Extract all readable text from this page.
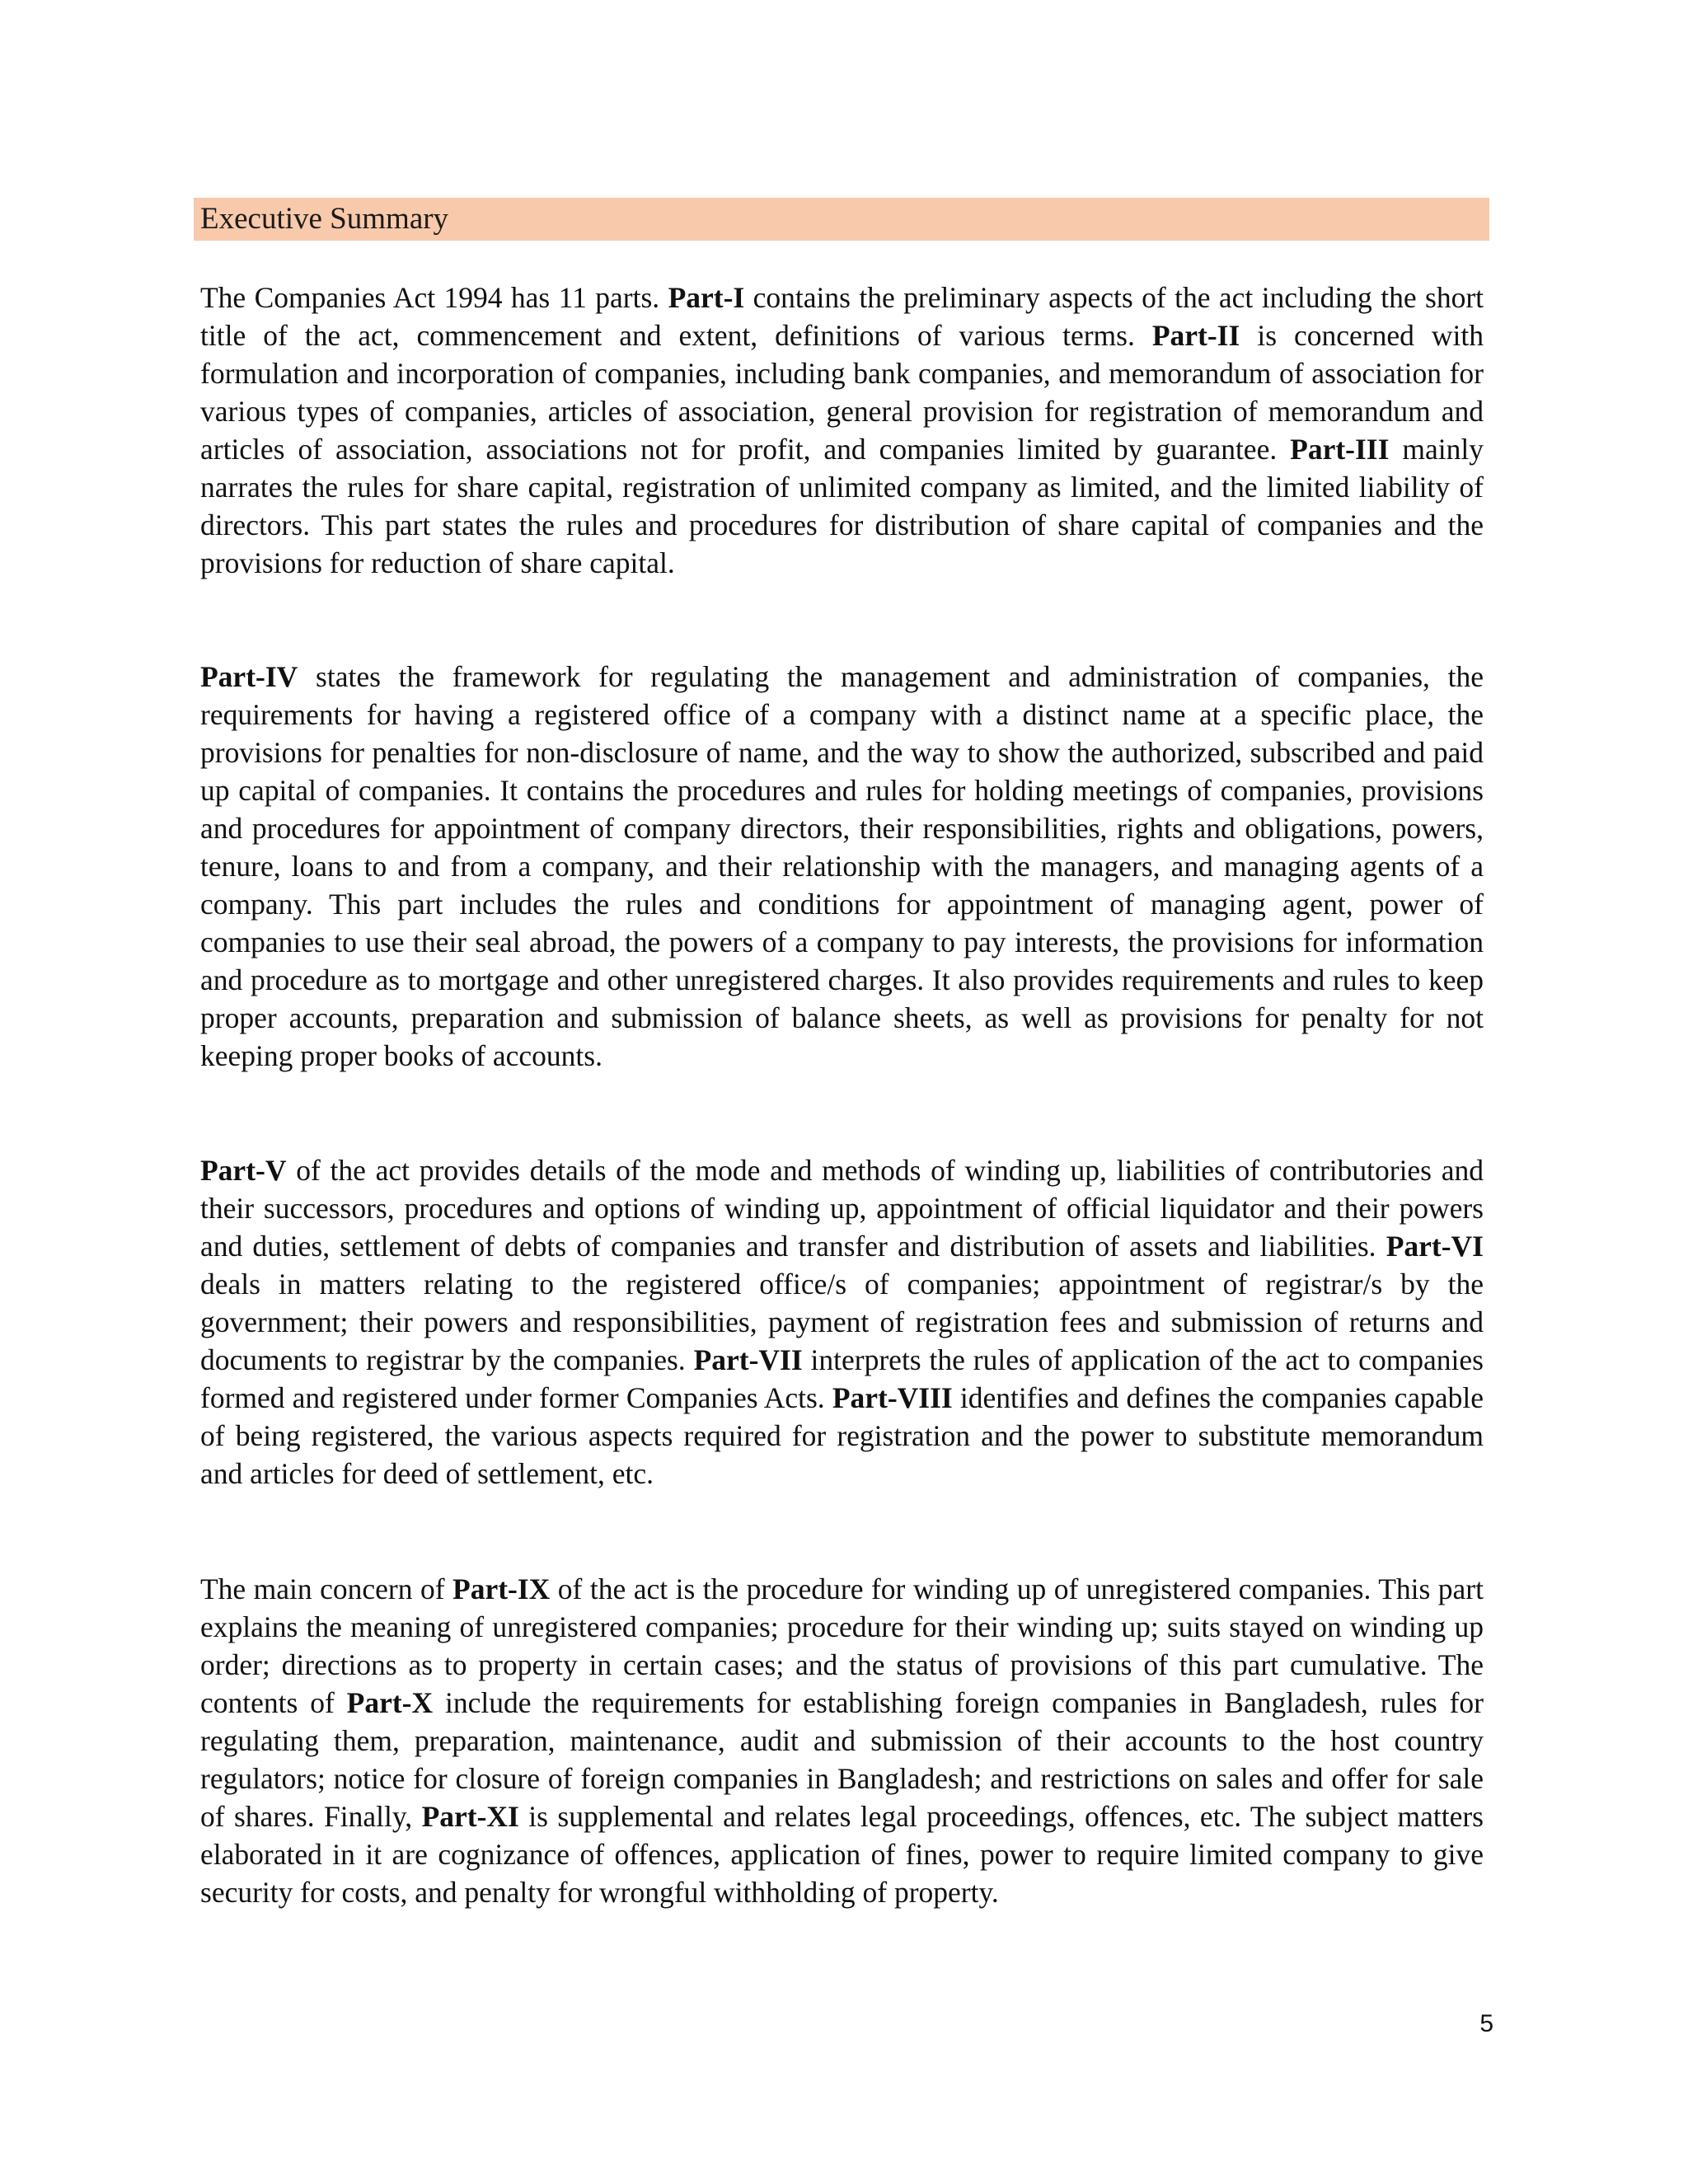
Executive Summary

The Companies Act 1994 has 11 parts. Part-I contains the preliminary aspects of the act including the short title of the act, commencement and extent, definitions of various terms. Part-II is concerned with formulation and incorporation of companies, including bank companies, and memorandum of association for various types of companies, articles of association, general provision for registration of memorandum and articles of association, associations not for profit, and companies limited by guarantee. Part-III mainly narrates the rules for share capital, registration of unlimited company as limited, and the limited liability of directors. This part states the rules and procedures for distribution of share capital of companies and the provisions for reduction of share capital.

Part-IV states the framework for regulating the management and administration of companies, the requirements for having a registered office of a company with a distinct name at a specific place, the provisions for penalties for non-disclosure of name, and the way to show the authorized, subscribed and paid up capital of companies. It contains the procedures and rules for holding meetings of companies, provisions and procedures for appointment of company directors, their responsibilities, rights and obligations, powers, tenure, loans to and from a company, and their relationship with the managers, and managing agents of a company. This part includes the rules and conditions for appointment of managing agent, power of companies to use their seal abroad, the powers of a company to pay interests, the provisions for information and procedure as to mortgage and other unregistered charges. It also provides requirements and rules to keep proper accounts, preparation and submission of balance sheets, as well as provisions for penalty for not keeping proper books of accounts.

Part-V of the act provides details of the mode and methods of winding up, liabilities of contributories and their successors, procedures and options of winding up, appointment of official liquidator and their powers and duties, settlement of debts of companies and transfer and distribution of assets and liabilities. Part-VI deals in matters relating to the registered office/s of companies; appointment of registrar/s by the government; their powers and responsibilities, payment of registration fees and submission of returns and documents to registrar by the companies. Part-VII interprets the rules of application of the act to companies formed and registered under former Companies Acts. Part-VIII identifies and defines the companies capable of being registered, the various aspects required for registration and the power to substitute memorandum and articles for deed of settlement, etc.

The main concern of Part-IX of the act is the procedure for winding up of unregistered companies. This part explains the meaning of unregistered companies; procedure for their winding up; suits stayed on winding up order; directions as to property in certain cases; and the status of provisions of this part cumulative. The contents of Part-X include the requirements for establishing foreign companies in Bangladesh, rules for regulating them, preparation, maintenance, audit and submission of their accounts to the host country regulators; notice for closure of foreign companies in Bangladesh; and restrictions on sales and offer for sale of shares. Finally, Part-XI is supplemental and relates legal proceedings, offences, etc. The subject matters elaborated in it are cognizance of offences, application of fines, power to require limited company to give security for costs, and penalty for wrongful withholding of property.

5
